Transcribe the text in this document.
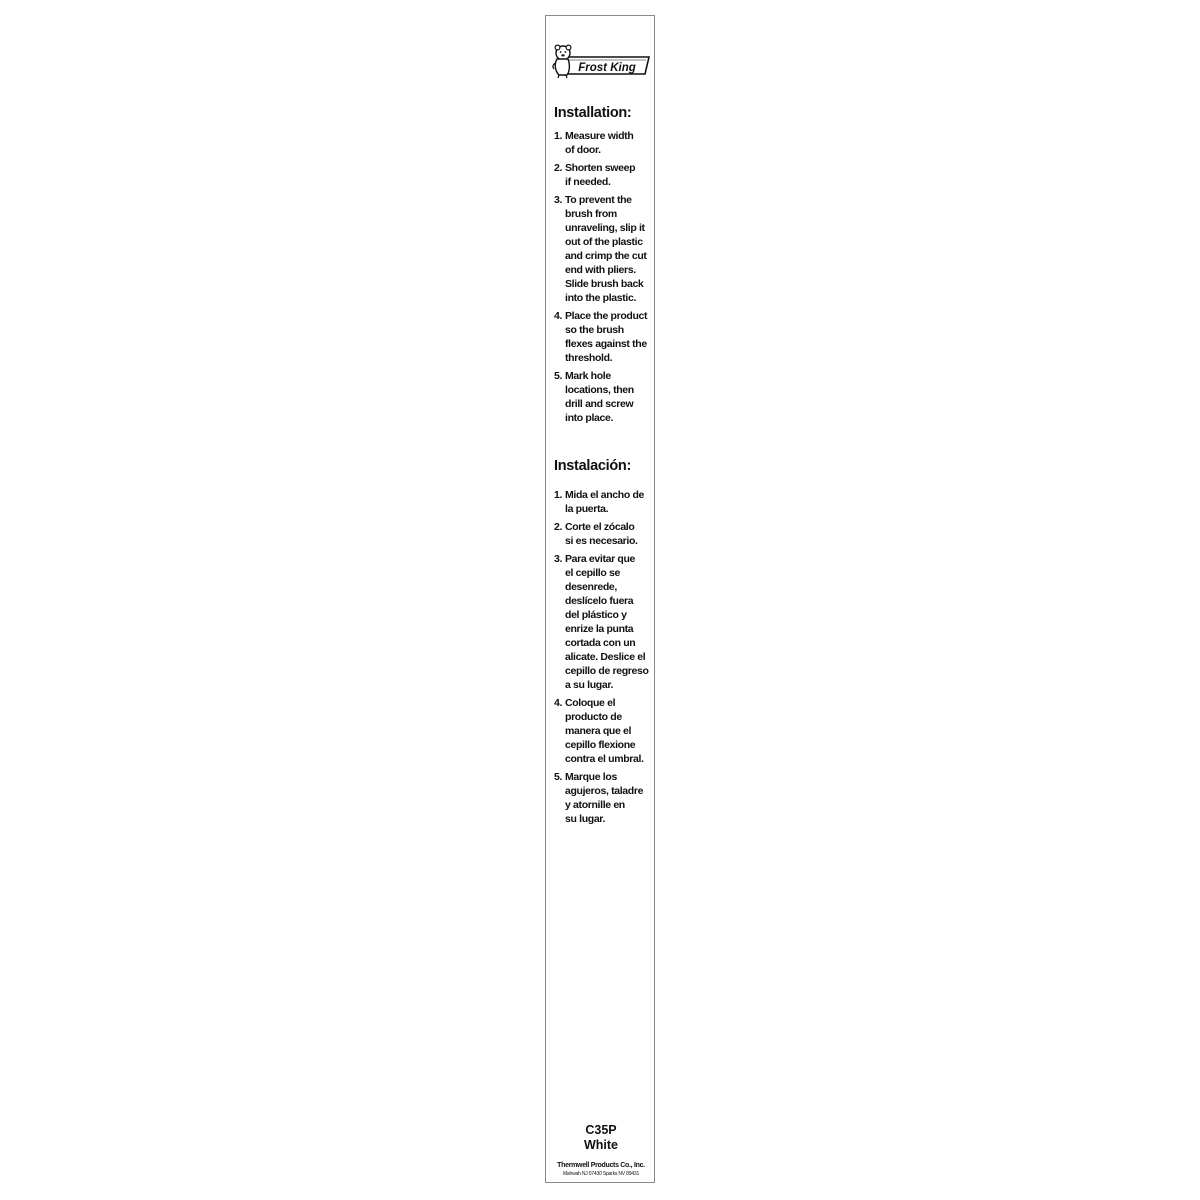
Frost King
Installation:
1. Measure width
of door.
2. Shorten sweep
if needed.
3. To prevent the
brush from
unraveling, slip it
out of the plastic
and crimp the cut
end with pliers.
Slide brush back
into the plastic.
4. Place the product
so the brush
flexes against the
threshold.
5. Mark hole
locations, then
drill and screw
into place.
Instalación:
1. Mida el ancho de
la puerta.
2. Corte el zócalo
si es necesario.
3. Para evitar que
el cepillo se
desenrede,
deslícelo fuera
del plástico y
enrize la punta
cortada con un
alicate. Deslice el
cepillo de regreso
a su lugar.
4. Coloque el
producto de
manera que el
cepillo flexione
contra el umbral.
5. Marque los
agujeros, taladre
y atornille en
su lugar.
C35P
White
Thermwell Products Co., Inc.
Mahwah NJ 07430 Sparks NV 89431
